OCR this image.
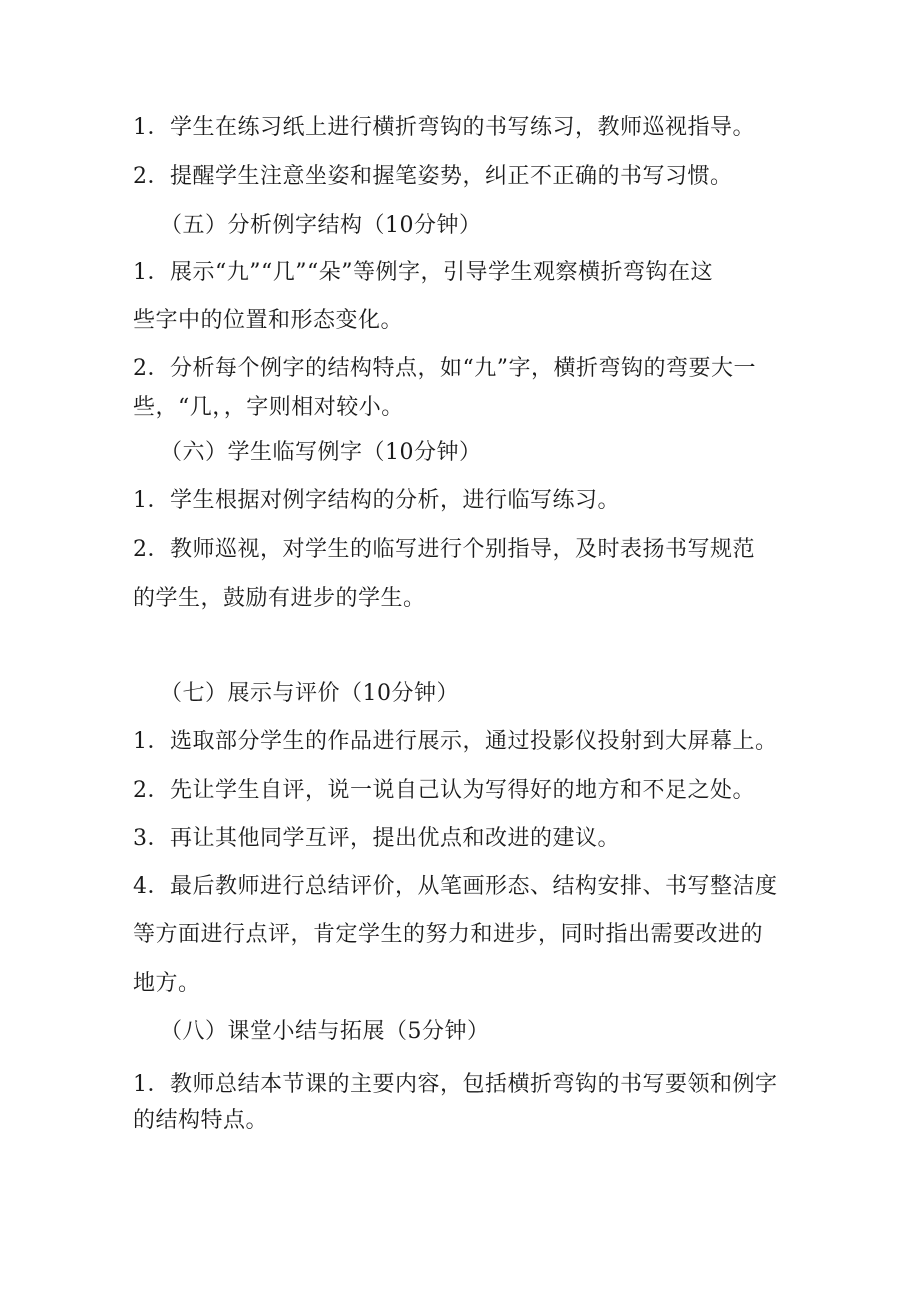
1．学生在练习纸上进行横折弯钩的书写练习，教师巡视指导。
2．提醒学生注意坐姿和握笔姿势，纠正不正确的书写习惯。
（五）分析例字结构（10分钟）
1．展示“九”“几”“朵”等例字，引导学生观察横折弯钩在这
些字中的位置和形态变化。
2．分析每个例字的结构特点，如“九”字，横折弯钩的弯要大一
些，“几，，字则相对较小。
（六）学生临写例字（10分钟）
1．学生根据对例字结构的分析，进行临写练习。
2．教师巡视，对学生的临写进行个别指导，及时表扬书写规范
的学生，鼓励有进步的学生。
（七）展示与评价（10分钟）
1．选取部分学生的作品进行展示，通过投影仪投射到大屏幕上。
2．先让学生自评，说一说自己认为写得好的地方和不足之处。
3．再让其他同学互评，提出优点和改进的建议。
4．最后教师进行总结评价，从笔画形态、结构安排、书写整洁度
等方面进行点评，肯定学生的努力和进步，同时指出需要改进的
地方。
（八）课堂小结与拓展（5分钟）
1．教师总结本节课的主要内容，包括横折弯钩的书写要领和例字
的结构特点。
